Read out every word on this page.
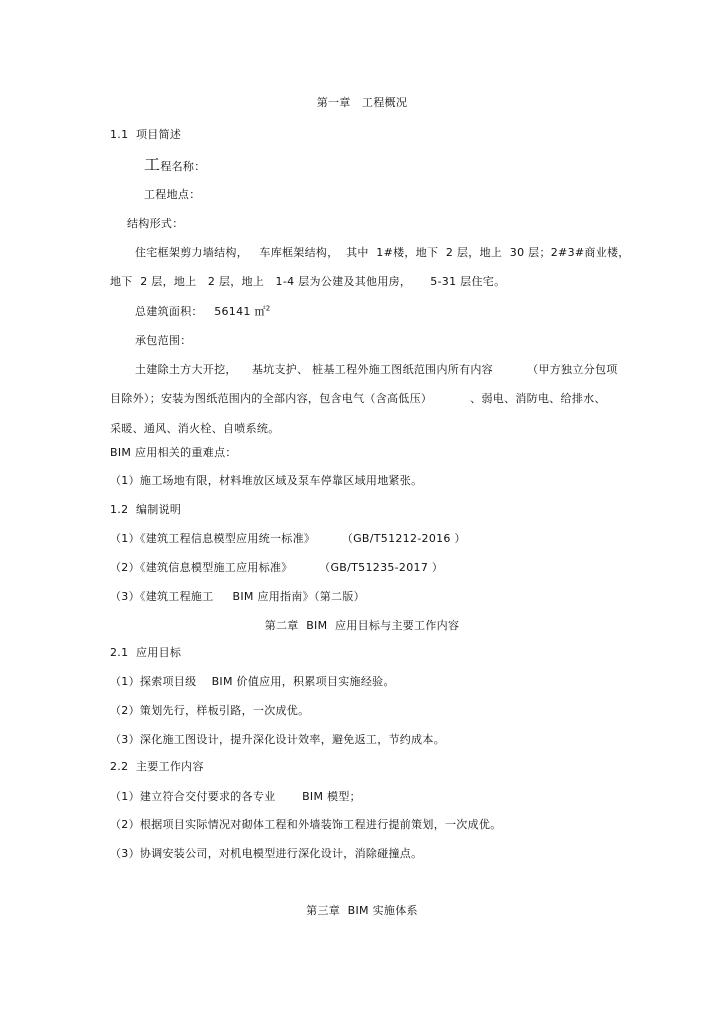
第一章   工程概况
1.1  项目简述
工程名称：
工程地点：
结构形式：
住宅框架剪力墙结构，   车库框架结构，  其中  1#楼，地下  2 层，地上  30 层；2#3#商业楼，
地下  2 层，地上   2 层，地上   1-4 层为公建及其他用房，     5-31 层住宅。
总建筑面积： 56141 ㎡$^2$
承包范围：
土建除土方大开挖，    基坑支护、 桩基工程外施工图纸范围内所有内容         （甲方独立分包项
目除外）；安装为图纸范围内的全部内容，包含电气（含高低压）          、弱电、消防电、给排水、
采暖、通风、消火栓、自喷系统。
BIM 应用相关的重难点：
（1）施工场地有限，材料堆放区域及泵车停靠区域用地紧张。
1.2  编制说明
（1）《建筑工程信息模型应用统一标准》       （GB/T51212-2016 ）
（2）《建筑信息模型施工应用标准》       （GB/T51235-2017 ）
（3）《建筑工程施工     BIM 应用指南》（第二版）
第二章  BIM  应用目标与主要工作内容
2.1  应用目标
（1）探索项目级    BIM 价值应用，积累项目实施经验。
（2）策划先行，样板引路，一次成优。
（3）深化施工图设计，提升深化设计效率，避免返工，节约成本。
2.2  主要工作内容
（1）建立符合交付要求的各专业       BIM 模型；
（2）根据项目实际情况对砌体工程和外墙装饰工程进行提前策划，一次成优。
（3）协调安装公司，对机电模型进行深化设计，消除碰撞点。
第三章  BIM 实施体系
